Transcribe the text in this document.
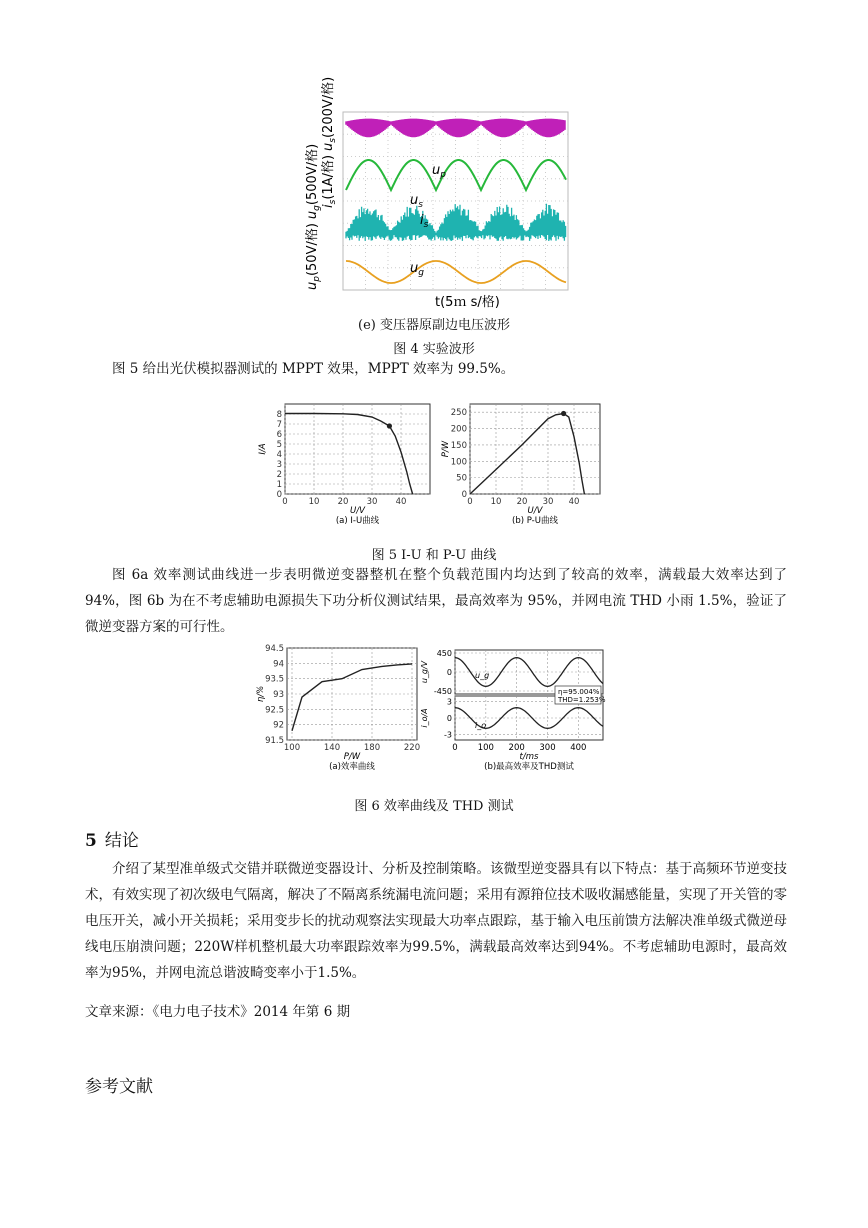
$u_p(50V/$格)$u_g(500V/$格)
$i_s(1A/$格)$u_s(200V/$格)
$u_p$
$u_s$
$i_s$
$u_g$
t(5ｍ s/格)
(e) 变压器原副边电压波形
图 4 实验波形
图 5 给出光伏模拟器测试的 MPPT 效果，MPPT 效率为 99.5%。
0
1
2
3
4
5
6
7
8
0 10 20 30 40
U/V
I/A
(a) I-U曲线
0
50
100
150
200
250
0 10 20 30 40
U/V
P/W
(b) P-U曲线
图 5 I-U 和 P-U 曲线
图 6a 效率测试曲线进一步表明微逆变器整机在整个负载范围内均达到了较高的效率，满载最大效率达到了 94%，图 6b 为在不考虑辅助电源损失下功分析仪测试结果，最高效率为 95%，并网电流 THD 小雨 1.5%，验证了微逆变器方案的可行性。
91.5
92
92.5
93
93.5
94
94.5
100	140	180	220
P/W
η/%
(a)效率曲线
450
0
-450
u_g
u_g/V
3
0
-3
i_o
i_o/A
η=95.004%
THD=1.253%
0 100 200 300 400
t/ms
(b)最高效率及THD测试
图 6 效率曲线及 THD 测试
5 结论
介绍了某型准单级式交错并联微逆变器设计、分析及控制策略。该微型逆变器具有以下特点：基于高频环节逆变技术，有效实现了初次级电气隔离，解决了不隔离系统漏电流问题；采用有源箝位技术吸收漏感能量，实现了开关管的零电压开关，减小开关损耗；采用变步长的扰动观察法实现最大功率点跟踪，基于输入电压前馈方法解决准单级式微逆母线电压崩溃问题；220W样机整机最大功率跟踪效率为99.5%，满载最高效率达到94%。不考虑辅助电源时，最高效率为95%，并网电流总谐波畸变率小于1.5%。
文章来源：《电力电子技术》2014 年第 6 期
参考文献
